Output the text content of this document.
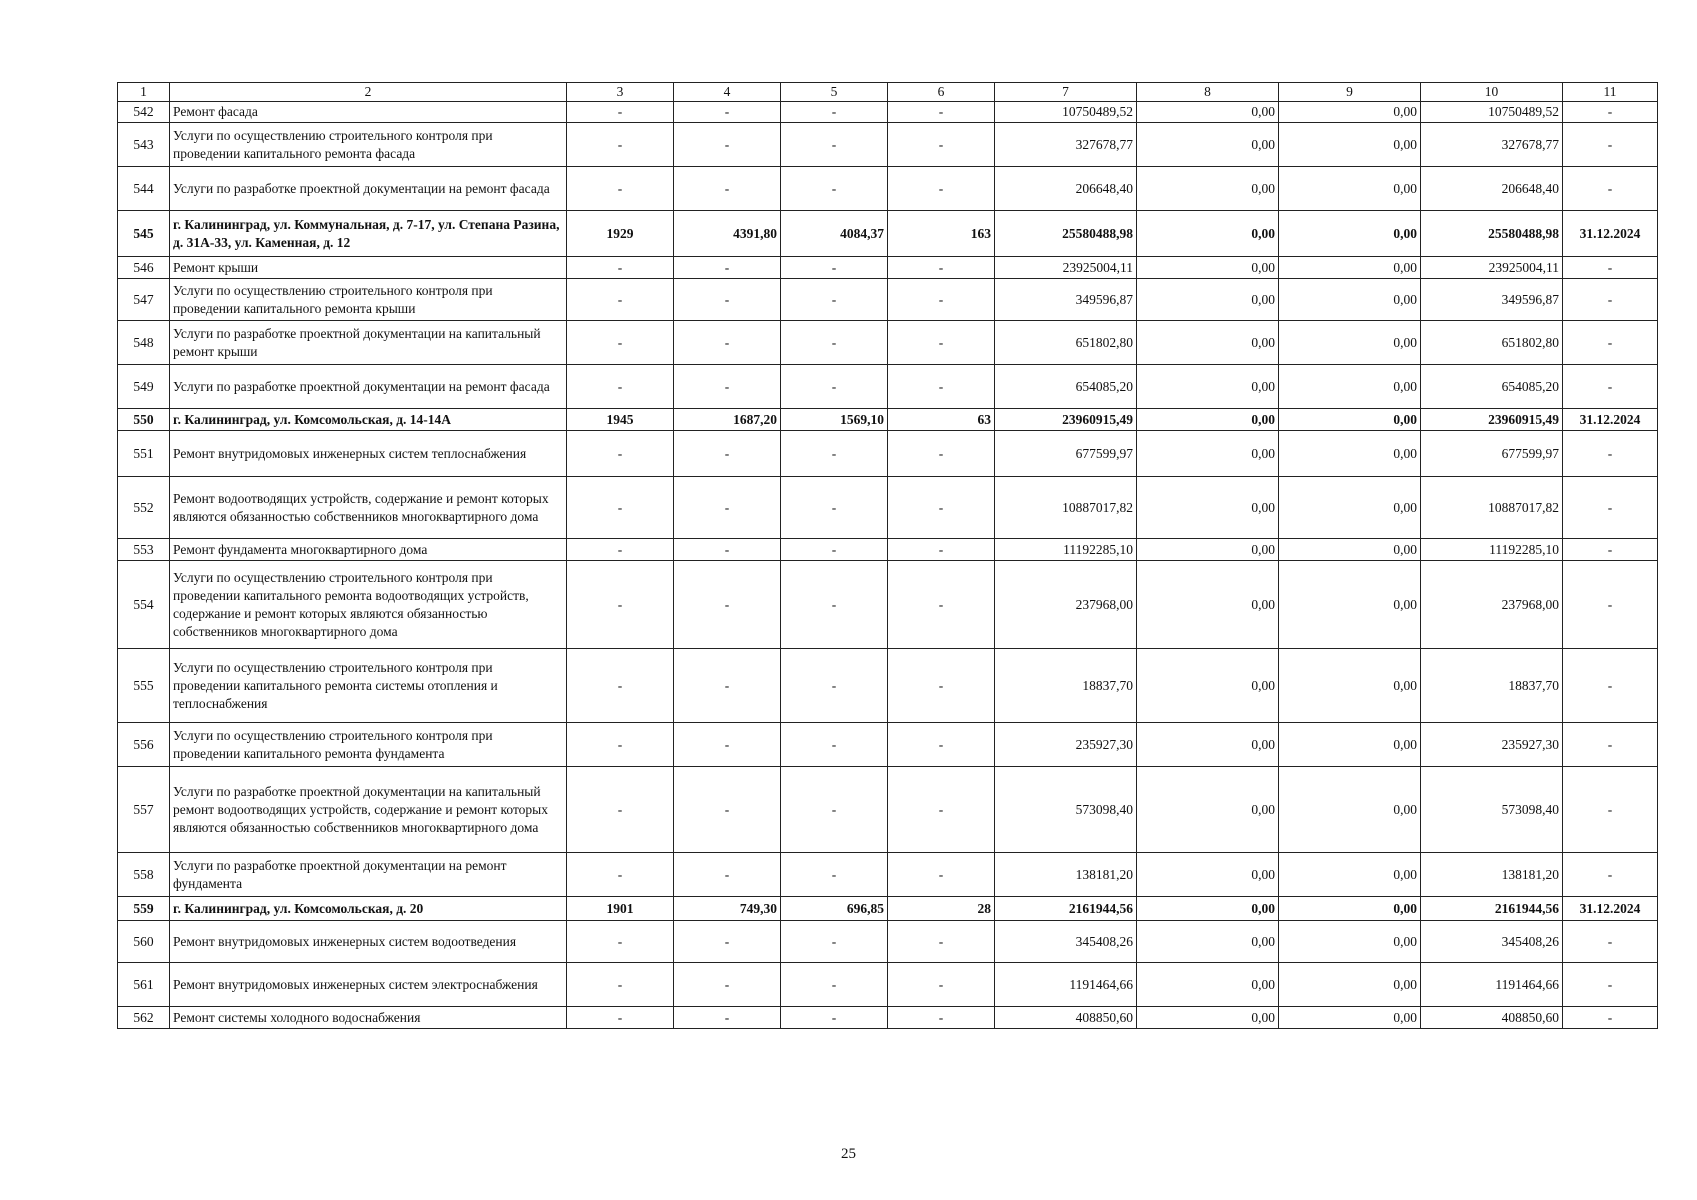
1	2	3	4	5	6	7	8	9	10	11
542	Ремонт фасада	-	-	-	-	10750489,52	0,00	0,00	10750489,52	-
543	Услуги по осуществлению строительного контроля при проведении капитального ремонта фасада	-	-	-	-	327678,77	0,00	0,00	327678,77	-
544	Услуги по разработке проектной документации на ремонт фасада	-	-	-	-	206648,40	0,00	0,00	206648,40	-
545	г. Калининград, ул. Коммунальная, д. 7-17, ул. Степана Разина, д. 31А-33, ул. Каменная, д. 12	1929	4391,80	4084,37	163	25580488,98	0,00	0,00	25580488,98	31.12.2024
546	Ремонт крыши	-	-	-	-	23925004,11	0,00	0,00	23925004,11	-
547	Услуги по осуществлению строительного контроля при проведении капитального ремонта крыши	-	-	-	-	349596,87	0,00	0,00	349596,87	-
548	Услуги по разработке проектной документации на капитальный ремонт крыши	-	-	-	-	651802,80	0,00	0,00	651802,80	-
549	Услуги по разработке проектной документации на ремонт фасада	-	-	-	-	654085,20	0,00	0,00	654085,20	-
550	г. Калининград, ул. Комсомольская, д. 14-14А	1945	1687,20	1569,10	63	23960915,49	0,00	0,00	23960915,49	31.12.2024
551	Ремонт внутридомовых инженерных систем теплоснабжения	-	-	-	-	677599,97	0,00	0,00	677599,97	-
552	Ремонт водоотводящих устройств, содержание и ремонт которых являются обязанностью собственников многоквартирного дома	-	-	-	-	10887017,82	0,00	0,00	10887017,82	-
553	Ремонт фундамента многоквартирного дома	-	-	-	-	11192285,10	0,00	0,00	11192285,10	-
554	Услуги по осуществлению строительного контроля при проведении капитального ремонта водоотводящих устройств, содержание и ремонт которых являются обязанностью собственников многоквартирного дома	-	-	-	-	237968,00	0,00	0,00	237968,00	-
555	Услуги по осуществлению строительного контроля при проведении капитального ремонта системы отопления и теплоснабжения	-	-	-	-	18837,70	0,00	0,00	18837,70	-
556	Услуги по осуществлению строительного контроля при проведении капитального ремонта фундамента	-	-	-	-	235927,30	0,00	0,00	235927,30	-
557	Услуги по разработке проектной документации на капитальный ремонт водоотводящих устройств, содержание и ремонт которых являются обязанностью собственников многоквартирного дома	-	-	-	-	573098,40	0,00	0,00	573098,40	-
558	Услуги по разработке проектной документации на ремонт фундамента	-	-	-	-	138181,20	0,00	0,00	138181,20	-
559	г. Калининград, ул. Комсомольская, д. 20	1901	749,30	696,85	28	2161944,56	0,00	0,00	2161944,56	31.12.2024
560	Ремонт внутридомовых инженерных систем водоотведения	-	-	-	-	345408,26	0,00	0,00	345408,26	-
561	Ремонт внутридомовых инженерных систем электроснабжения	-	-	-	-	1191464,66	0,00	0,00	1191464,66	-
562	Ремонт системы холодного водоснабжения	-	-	-	-	408850,60	0,00	0,00	408850,60	-
25
